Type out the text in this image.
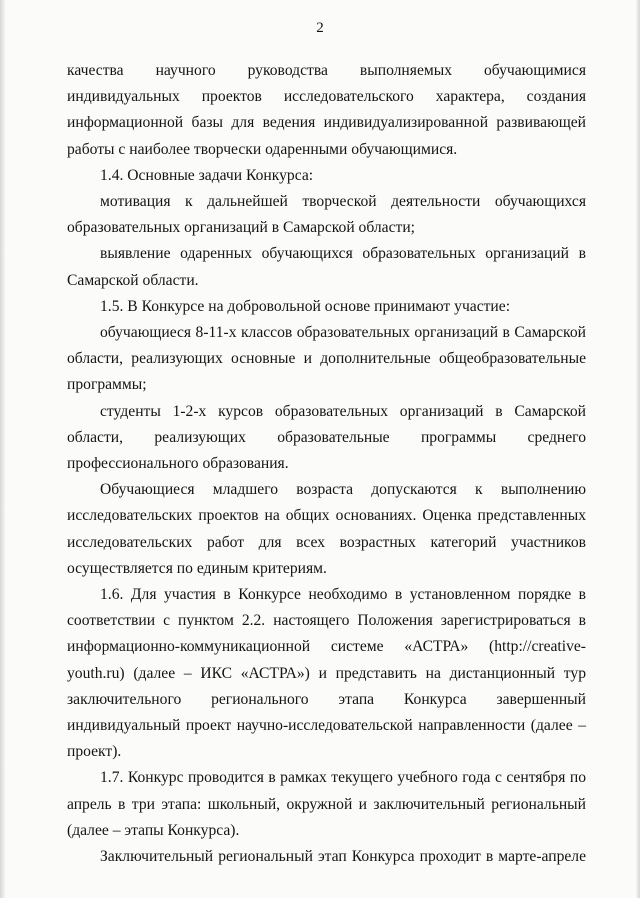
2

качества научного руководства выполняемых обучающимися индивидуальных проектов исследовательского характера, создания информационной базы для ведения индивидуализированной развивающей работы с наиболее творчески одаренными обучающимися.

1.4. Основные задачи Конкурса:

мотивация к дальнейшей творческой деятельности обучающихся образовательных организаций в Самарской области;

выявление одаренных обучающихся образовательных организаций в Самарской области.

1.5. В Конкурсе на добровольной основе принимают участие:

обучающиеся 8-11-х классов образовательных организаций в Самарской области, реализующих основные и дополнительные общеобразовательные программы;

студенты 1-2-х курсов образовательных организаций в Самарской области, реализующих образовательные программы среднего профессионального образования.

Обучающиеся младшего возраста допускаются к выполнению исследовательских проектов на общих основаниях. Оценка представленных исследовательских работ для всех возрастных категорий участников осуществляется по единым критериям.

1.6. Для участия в Конкурсе необходимо в установленном порядке в соответствии с пунктом 2.2. настоящего Положения зарегистрироваться в информационно-коммуникационной системе «АСТРА» (http://creative-youth.ru) (далее – ИКС «АСТРА») и представить на дистанционный тур заключительного регионального этапа Конкурса завершенный индивидуальный проект научно-исследовательской направленности (далее – проект).

1.7. Конкурс проводится в рамках текущего учебного года с сентября по апрель в три этапа: школьный, окружной и заключительный региональный (далее – этапы Конкурса).

Заключительный региональный этап Конкурса проходит в марте-апреле
